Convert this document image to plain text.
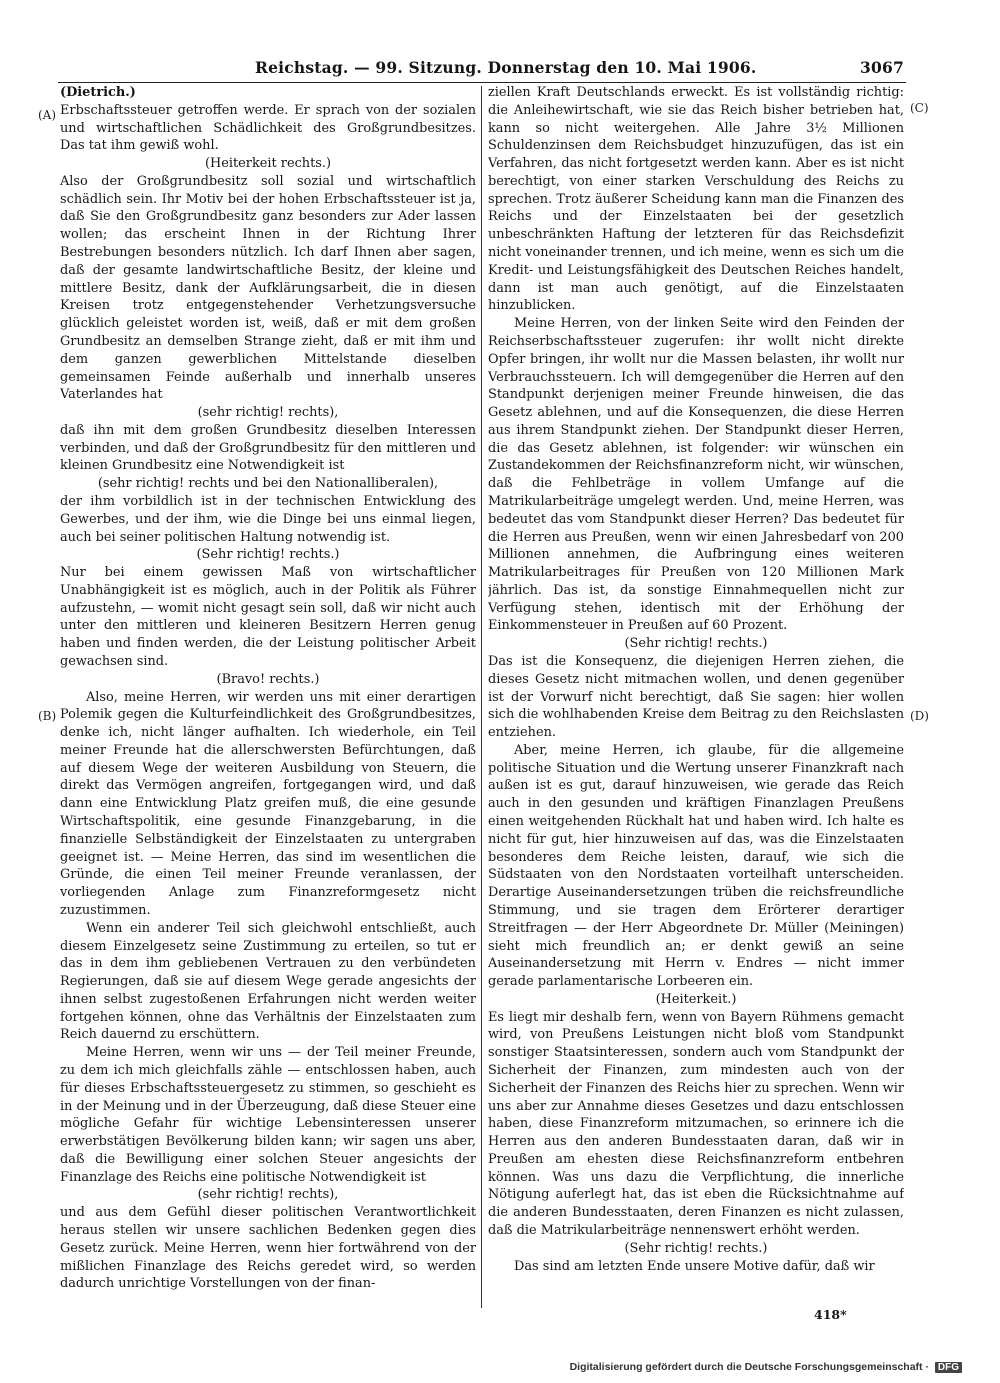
Reichstag. — 99. Sitzung. Donnerstag den 10. Mai 1906.	3067
(A)
(B)
(C)
(D)

(Dietrich.)

Erbschaftssteuer getroffen werde. Er sprach von der sozialen und wirtschaftlichen Schädlichkeit des Großgrundbesitzes. Das tat ihm gewiß wohl.

(Heiterkeit rechts.)

Also der Großgrundbesitz soll sozial und wirtschaftlich schädlich sein. Ihr Motiv bei der hohen Erbschaftssteuer ist ja, daß Sie den Großgrundbesitz ganz besonders zur Ader lassen wollen; das erscheint Ihnen in der Richtung Ihrer Bestrebungen besonders nützlich. Ich darf Ihnen aber sagen, daß der gesamte landwirtschaftliche Besitz, der kleine und mittlere Besitz, dank der Aufklärungsarbeit, die in diesen Kreisen trotz entgegenstehender Verhetzungsversuche glücklich geleistet worden ist, weiß, daß er mit dem großen Grundbesitz an demselben Strange zieht, daß er mit ihm und dem ganzen gewerblichen Mittelstande dieselben gemeinsamen Feinde außerhalb und innerhalb unseres Vaterlandes hat

(sehr richtig! rechts),

daß ihn mit dem großen Grundbesitz dieselben Interessen verbinden, und daß der Großgrundbesitz für den mittleren und kleinen Grundbesitz eine Notwendigkeit ist

(sehr richtig! rechts und bei den Nationalliberalen),

der ihm vorbildlich ist in der technischen Entwicklung des Gewerbes, und der ihm, wie die Dinge bei uns einmal liegen, auch bei seiner politischen Haltung notwendig ist.

(Sehr richtig! rechts.)

Nur bei einem gewissen Maß von wirtschaftlicher Unabhängigkeit ist es möglich, auch in der Politik als Führer aufzustehn, — womit nicht gesagt sein soll, daß wir nicht auch unter den mittleren und kleineren Besitzern Herren genug haben und finden werden, die der Leistung politischer Arbeit gewachsen sind.

(Bravo! rechts.)

Also, meine Herren, wir werden uns mit einer derartigen Polemik gegen die Kulturfeindlichkeit des Großgrundbesitzes, denke ich, nicht länger aufhalten. Ich wiederhole, ein Teil meiner Freunde hat die allerschwersten Befürchtungen, daß auf diesem Wege der weiteren Ausbildung von Steuern, die direkt das Vermögen angreifen, fortgegangen wird, und daß dann eine Entwicklung Platz greifen muß, die eine gesunde Wirtschaftspolitik, eine gesunde Finanzgebarung, in die finanzielle Selbständigkeit der Einzelstaaten zu untergraben geeignet ist. — Meine Herren, das sind im wesentlichen die Gründe, die einen Teil meiner Freunde veranlassen, der vorliegenden Anlage zum Finanzreformgesetz nicht zuzustimmen.

Wenn ein anderer Teil sich gleichwohl entschließt, auch diesem Einzelgesetz seine Zustimmung zu erteilen, so tut er das in dem ihm gebliebenen Vertrauen zu den verbündeten Regierungen, daß sie auf diesem Wege gerade angesichts der ihnen selbst zugestoßenen Erfahrungen nicht werden weiter fortgehen können, ohne das Verhältnis der Einzelstaaten zum Reich dauernd zu erschüttern.

Meine Herren, wenn wir uns — der Teil meiner Freunde, zu dem ich mich gleichfalls zähle — entschlossen haben, auch für dieses Erbschaftssteuergesetz zu stimmen, so geschieht es in der Meinung und in der Überzeugung, daß diese Steuer eine mögliche Gefahr für wichtige Lebensinteressen unserer erwerbstätigen Bevölkerung bilden kann; wir sagen uns aber, daß die Bewilligung einer solchen Steuer angesichts der Finanzlage des Reichs eine politische Notwendigkeit ist

(sehr richtig! rechts),

und aus dem Gefühl dieser politischen Verantwortlichkeit heraus stellen wir unsere sachlichen Bedenken gegen dies Gesetz zurück. Meine Herren, wenn hier fortwährend von der mißlichen Finanzlage des Reichs geredet wird, so werden dadurch unrichtige Vorstellungen von der finan-

ziellen Kraft Deutschlands erweckt. Es ist vollständig richtig: die Anleihewirtschaft, wie sie das Reich bisher betrieben hat, kann so nicht weitergehen. Alle Jahre 3½ Millionen Schuldenzinsen dem Reichsbudget hinzuzufügen, das ist ein Verfahren, das nicht fortgesetzt werden kann. Aber es ist nicht berechtigt, von einer starken Verschuldung des Reichs zu sprechen. Trotz äußerer Scheidung kann man die Finanzen des Reichs und der Einzelstaaten bei der gesetzlich unbeschränkten Haftung der letzteren für das Reichsdefizit nicht voneinander trennen, und ich meine, wenn es sich um die Kredit- und Leistungsfähigkeit des Deutschen Reiches handelt, dann ist man auch genötigt, auf die Einzelstaaten hinzublicken.

Meine Herren, von der linken Seite wird den Feinden der Reichserbschaftssteuer zugerufen: ihr wollt nicht direkte Opfer bringen, ihr wollt nur die Massen belasten, ihr wollt nur Verbrauchssteuern. Ich will demgegenüber die Herren auf den Standpunkt derjenigen meiner Freunde hinweisen, die das Gesetz ablehnen, und auf die Konsequenzen, die diese Herren aus ihrem Standpunkt ziehen. Der Standpunkt dieser Herren, die das Gesetz ablehnen, ist folgender: wir wünschen ein Zustandekommen der Reichsfinanzreform nicht, wir wünschen, daß die Fehlbeträge in vollem Umfange auf die Matrikularbeiträge umgelegt werden. Und, meine Herren, was bedeutet das vom Standpunkt dieser Herren? Das bedeutet für die Herren aus Preußen, wenn wir einen Jahresbedarf von 200 Millionen annehmen, die Aufbringung eines weiteren Matrikularbeitrages für Preußen von 120 Millionen Mark jährlich. Das ist, da sonstige Einnahmequellen nicht zur Verfügung stehen, identisch mit der Erhöhung der Einkommensteuer in Preußen auf 60 Prozent.

(Sehr richtig! rechts.)

Das ist die Konsequenz, die diejenigen Herren ziehen, die dieses Gesetz nicht mitmachen wollen, und denen gegenüber ist der Vorwurf nicht berechtigt, daß Sie sagen: hier wollen sich die wohlhabenden Kreise dem Beitrag zu den Reichslasten entziehen.

Aber, meine Herren, ich glaube, für die allgemeine politische Situation und die Wertung unserer Finanzkraft nach außen ist es gut, darauf hinzuweisen, wie gerade das Reich auch in den gesunden und kräftigen Finanzlagen Preußens einen weitgehenden Rückhalt hat und haben wird. Ich halte es nicht für gut, hier hinzuweisen auf das, was die Einzelstaaten besonderes dem Reiche leisten, darauf, wie sich die Südstaaten von den Nordstaaten vorteilhaft unterscheiden. Derartige Auseinandersetzungen trüben die reichsfreundliche Stimmung, und sie tragen dem Erörterer derartiger Streitfragen — der Herr Abgeordnete Dr. Müller (Meiningen) sieht mich freundlich an; er denkt gewiß an seine Auseinandersetzung mit Herrn v. Endres — nicht immer gerade parlamentarische Lorbeeren ein.

(Heiterkeit.)

Es liegt mir deshalb fern, wenn von Bayern Rühmens gemacht wird, von Preußens Leistungen nicht bloß vom Standpunkt sonstiger Staatsinteressen, sondern auch vom Standpunkt der Sicherheit der Finanzen, zum mindesten auch von der Sicherheit der Finanzen des Reichs hier zu sprechen. Wenn wir uns aber zur Annahme dieses Gesetzes und dazu entschlossen haben, diese Finanzreform mitzumachen, so erinnere ich die Herren aus den anderen Bundesstaaten daran, daß wir in Preußen am ehesten diese Reichsfinanzreform entbehren können. Was uns dazu die Verpflichtung, die innerliche Nötigung auferlegt hat, das ist eben die Rücksichtnahme auf die anderen Bundesstaaten, deren Finanzen es nicht zulassen, daß die Matrikularbeiträge nennenswert erhöht werden.

(Sehr richtig! rechts.)

Das sind am letzten Ende unsere Motive dafür, daß wir

418*
Digitalisierung gefördert durch die Deutsche Forschungsgemeinschaft · DFG
